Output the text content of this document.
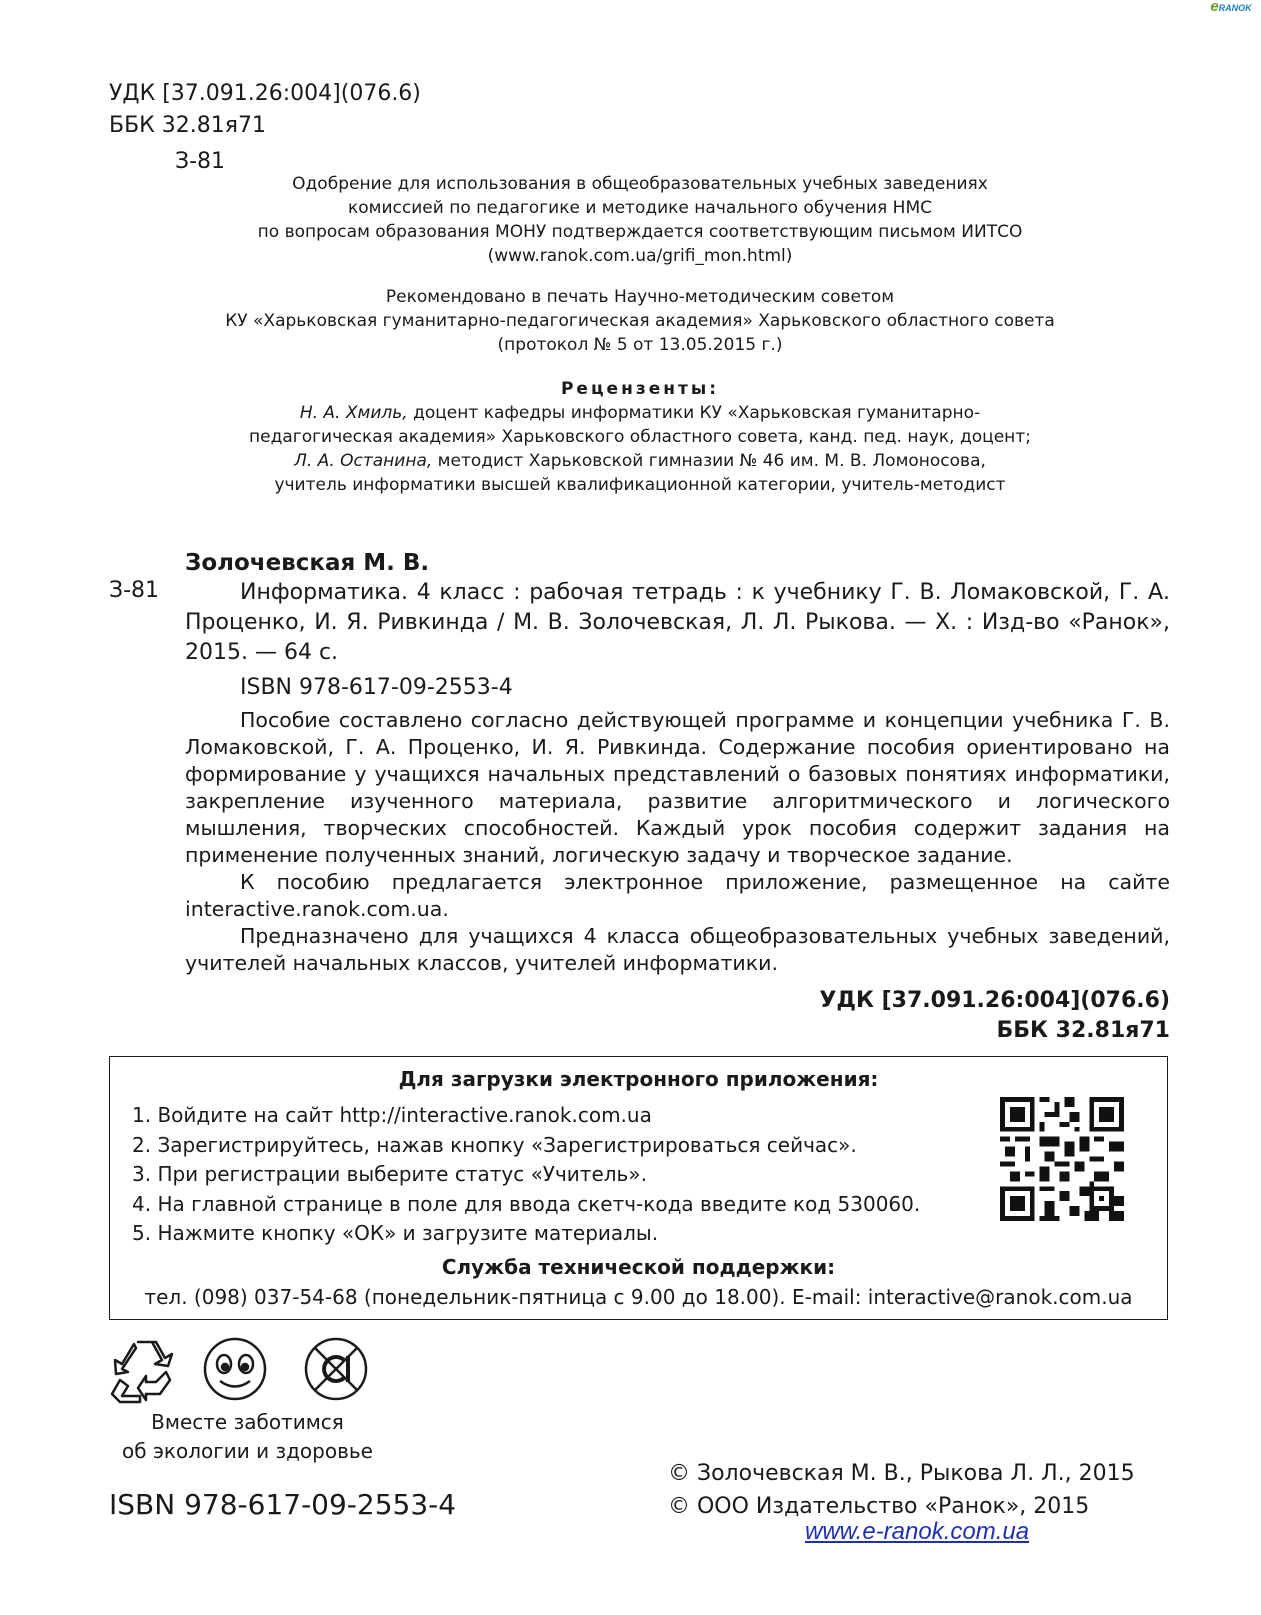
eRANOK
УДК [37.091.26:004](076.6)
ББК 32.81я71
З-81
Одобрение для использования в общеобразовательных учебных заведениях
комиссией по педагогике и методике начального обучения НМС
по вопросам образования МОНУ подтверждается соответствующим письмом ИИТСО
(www.ranok.com.ua/grifi_mon.html)
Рекомендовано в печать Научно-методическим советом
КУ «Харьковская гуманитарно-педагогическая академия» Харьковского областного совета
(протокол № 5 от 13.05.2015 г.)
Рецензенты:
Н. А. Хмиль, доцент кафедры информатики КУ «Харьковская гуманитарно-
педагогическая академия» Харьковского областного совета, канд. пед. наук, доцент;
Л. А. Останина, методист Харьковской гимназии № 46 им. М. В. Ломоносова,
учитель информатики высшей квалификационной категории, учитель-методист
Золочевская М. В.
З-81	Информатика. 4 класс : рабочая тетрадь : к учебнику Г. В. Ломаковской, Г. А. Проценко, И. Я. Ривкинда / М. В. Золочевская, Л. Л. Рыкова. — Х. : Изд-во «Ранок», 2015. — 64 с.
ISBN 978-617-09-2553-4

Пособие составлено согласно действующей программе и концепции учебника Г. В. Ломаковской, Г. А. Проценко, И. Я. Ривкинда. Содержание пособия ориентировано на формирование у учащихся начальных представлений о базовых понятиях информатики, закрепление изученного материала, развитие алгоритмического и логического мышления, творческих способностей. Каждый урок пособия содержит задания на применение полученных знаний, логическую задачу и творческое задание.

К пособию предлагается электронное приложение, размещенное на сайте interactive.ranok.com.ua.

Предназначено для учащихся 4 класса общеобразовательных учебных заведений, учителей начальных классов, учителей информатики.

УДК [37.091.26:004](076.6)
ББК 32.81я71
Для загрузки электронного приложения:
1. Войдите на сайт http://interactive.ranok.com.ua
2. Зарегистрируйтесь, нажав кнопку «Зарегистрироваться сейчас».
3. При регистрации выберите статус «Учитель».
4. На главной странице в поле для ввода скетч-кода введите код 530060.
5. Нажмите кнопку «ОК» и загрузите материалы.
Служба технической поддержки:
тел. (098) 037-54-68 (понедельник-пятница с 9.00 до 18.00). E-mail: interactive@ranok.com.ua
Вместе заботимся
об экологии и здоровье
ISBN 978-617-09-2553-4
© Золочевская М. В., Рыкова Л. Л., 2015
© ООО Издательство «Ранок», 2015
www.e-ranok.com.ua
